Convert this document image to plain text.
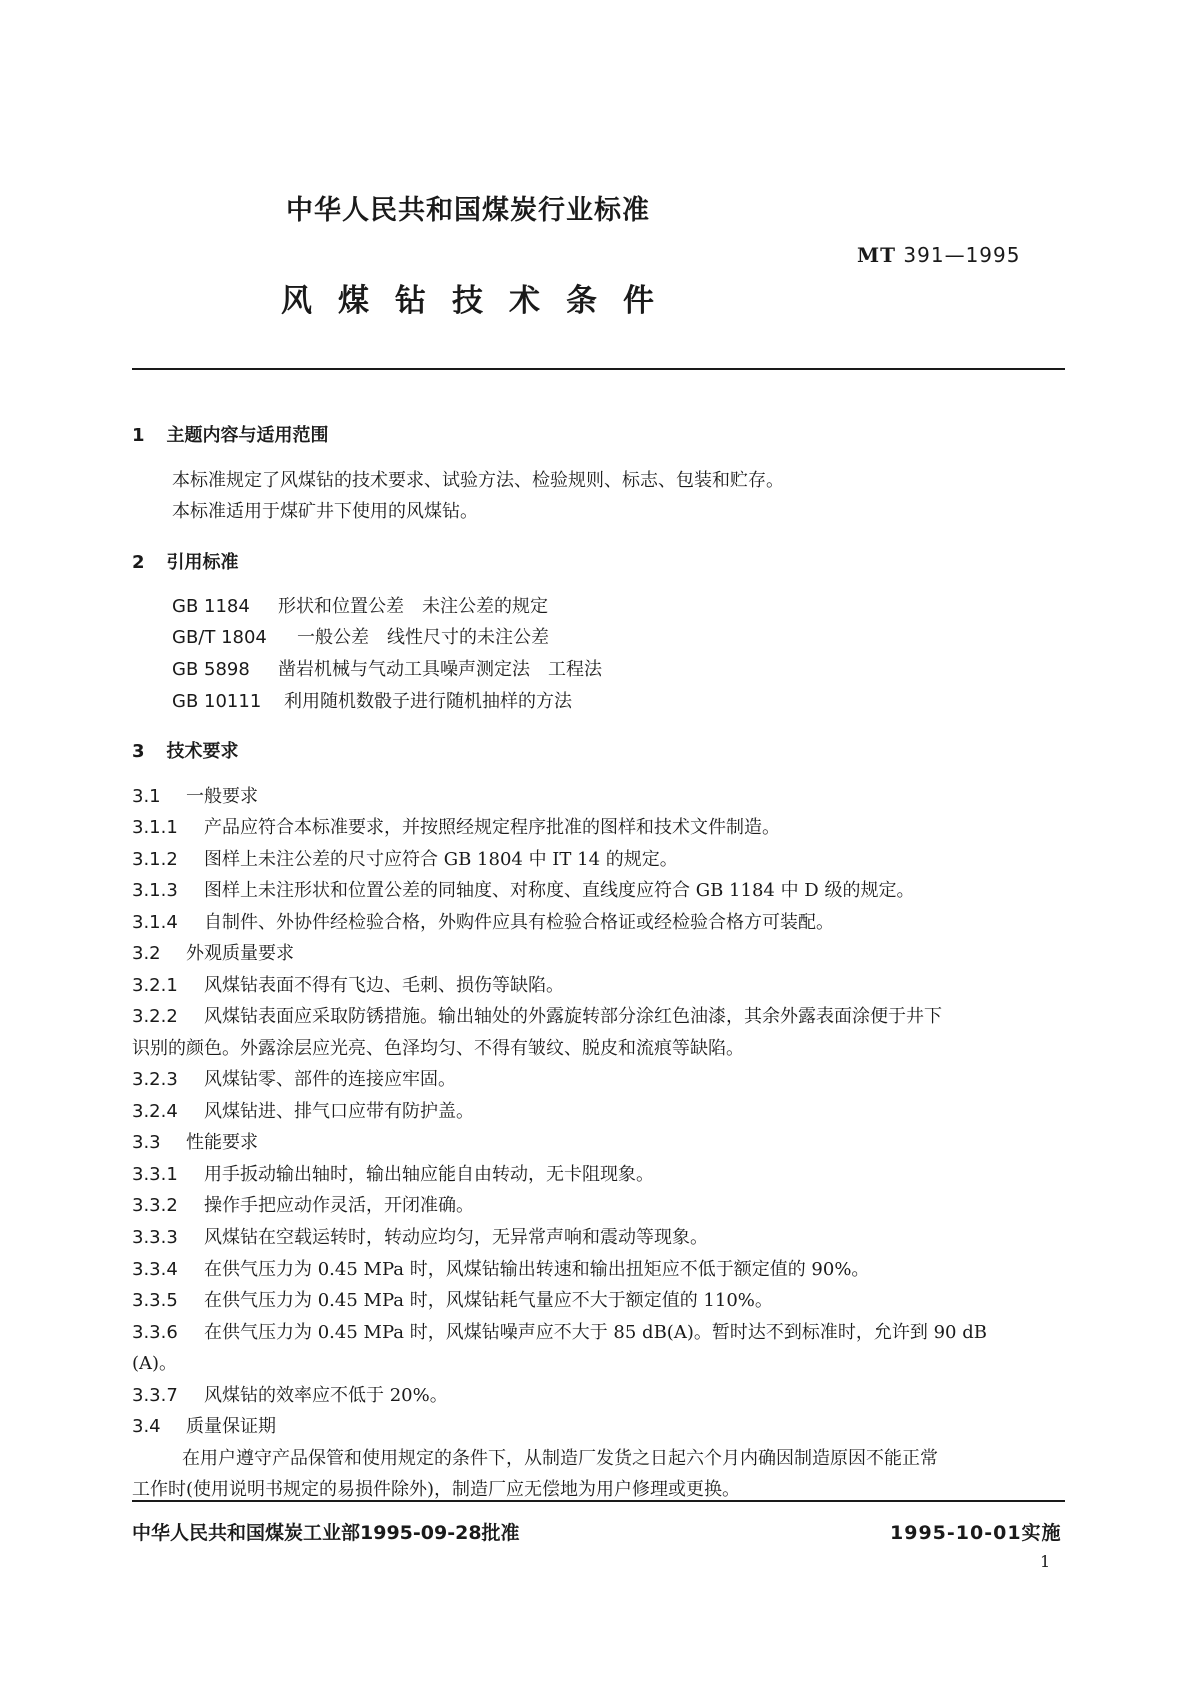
中华人民共和国煤炭行业标准
MT 391—1995
风煤钻技术条件
1 主题内容与适用范围
本标准规定了风煤钻的技术要求、试验方法、检验规则、标志、包装和贮存。
本标准适用于煤矿井下使用的风煤钻。
2 引用标准
GB 1184 形状和位置公差　未注公差的规定
GB/T 1804 一般公差　线性尺寸的未注公差
GB 5898 凿岩机械与气动工具噪声测定法　工程法
GB 10111 利用随机数骰子进行随机抽样的方法
3 技术要求
3.1 一般要求
3.1.1 产品应符合本标准要求，并按照经规定程序批准的图样和技术文件制造。
3.1.2 图样上未注公差的尺寸应符合 GB 1804 中 IT 14 的规定。
3.1.3 图样上未注形状和位置公差的同轴度、对称度、直线度应符合 GB 1184 中 D 级的规定。
3.1.4 自制件、外协件经检验合格，外购件应具有检验合格证或经检验合格方可装配。
3.2 外观质量要求
3.2.1 风煤钻表面不得有飞边、毛刺、损伤等缺陷。
3.2.2 风煤钻表面应采取防锈措施。输出轴处的外露旋转部分涂红色油漆，其余外露表面涂便于井下
识别的颜色。外露涂层应光亮、色泽均匀、不得有皱纹、脱皮和流痕等缺陷。
3.2.3 风煤钻零、部件的连接应牢固。
3.2.4 风煤钻进、排气口应带有防护盖。
3.3 性能要求
3.3.1 用手扳动输出轴时，输出轴应能自由转动，无卡阻现象。
3.3.2 操作手把应动作灵活，开闭准确。
3.3.3 风煤钻在空载运转时，转动应均匀，无异常声响和震动等现象。
3.3.4 在供气压力为 0.45 MPa 时，风煤钻输出转速和输出扭矩应不低于额定值的 90%。
3.3.5 在供气压力为 0.45 MPa 时，风煤钻耗气量应不大于额定值的 110%。
3.3.6 在供气压力为 0.45 MPa 时，风煤钻噪声应不大于 85 dB(A)。暂时达不到标准时，允许到 90 dB
(A)。
3.3.7 风煤钻的效率应不低于 20%。
3.4 质量保证期
在用户遵守产品保管和使用规定的条件下，从制造厂发货之日起六个月内确因制造原因不能正常
工作时(使用说明书规定的易损件除外)，制造厂应无偿地为用户修理或更换。
中华人民共和国煤炭工业部1995-09-28批准	1995-10-01实施
1
